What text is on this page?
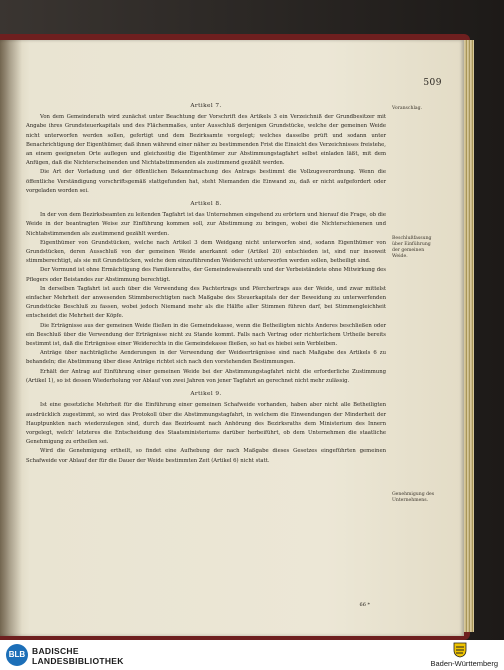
509
Artikel 7.

Von dem Gemeinderath wird zunächst unter Beachtung der Vorschrift des Artikels 3 ein Verzeichniß der Grundbesitzer mit Angabe ihres Grundsteuerkapitals und des Flächenmaßes, unter Ausschluß derjenigen Grundstücke, welche der gemeinen Weide nicht unterworfen werden sollen, gefertigt und dem Bezirksamte vorgelegt; welches dasselbe prüft und sodann unter Benachrichtigung der Eigenthümer, daß ihnen während einer näher zu bestimmenden Frist die Einsicht des Verzeichnisses freistehe, an einem geeigneten Orte auflegen und gleichzeitig die Eigenthümer zur Abstimmungstagfahrt selbst einladen läßt, mit dem Anfügen, daß die Nichterscheinenden und Nichtabstimmenden als zustimmend gezählt werden.

Die Art der Vorladung und der öffentlichen Bekanntmachung des Antrags bestimmt die Vollzugsverordnung. Wenn die öffentliche Verständigung vorschriftsgemäß stattgefunden hat, steht Niemanden die Einwand zu, daß er nicht aufgefordert oder vorgeladen worden sei.

Artikel 8.

In der von dem Bezirksbeamten zu leitenden Tagfahrt ist das Unternehmen eingehend zu erörtern und hierauf die Frage, ob die Weide in der beantragten Weise zur Einführung kommen soll, zur Abstimmung zu bringen, wobei die Nichterschienenen und Nichtabstimmenden als zustimmend gezählt werden.

Eigenthümer von Grundstücken, welche nach Artikel 3 dem Weidgang nicht unterworfen sind, sodann Eigenthümer von Grundstücken, deren Ausschluß von der gemeinen Weide anerkannt oder (Artikel 20) entschieden ist, sind nur insoweit stimmberechtigt, als sie mit Grundstücken, welche dem einzuführenden Weiderecht unterworfen werden sollen, betheiligt sind.

Der Vormund ist ohne Ermächtigung des Familienraths, der Gemeindewaisenrath und der Verbeiständete ohne Mitwirkung des Pflegers oder Beistandes zur Abstimmung berechtigt.

In derselben Tagfahrt ist auch über die Verwendung des Pachtertrags und Pferchertrags aus der Weide, und zwar mittelst einfacher Mehrheit der anwesenden Stimmberechtigten nach Maßgabe des Steuerkapitals der der Beweidung zu unterwerfenden Grundstücke Beschluß zu fassen, wobei jedoch Niemand mehr als die Hälfte aller Stimmen führen darf, bei Stimmengleichheit entscheidet die Mehrheit der Köpfe.

Die Erträgnisse aus der gemeinen Weide fließen in die Gemeindekasse, wenn die Betheiligten nichts Anderes beschließen oder ein Beschluß über die Verwendung der Erträgnisse nicht zu Stande kommt. Falls nach Vertrag oder richterlichem Urtheile bereits bestimmt ist, daß die Erträgnisse einer Weiderechts in die Gemeindekasse fließen, so hat es hiebei sein Verbleiben.

Anträge über nachträgliche Aenderungen in der Verwendung der Weideerträgnisse sind nach Maßgabe des Artikels 6 zu behandeln; die Abstimmung über diese Anträge richtet sich nach den vorstehenden Bestimmungen.

Erhält der Antrag auf Einführung einer gemeinen Weide bei der Abstimmungstagfahrt nicht die erforderliche Zustimmung (Artikel 1), so ist dessen Wiederholung vor Ablauf von zwei Jahren von jener Tagfahrt an gerechnet nicht mehr zulässig.

Artikel 9.

Ist eine gesetzliche Mehrheit für die Einführung einer gemeinen Schafweide vorhanden, haben aber nicht alle Betheiligten ausdrücklich zugestimmt, so wird das Protokoll über die Abstimmungstagfahrt, in welchem die Einwendungen der Minderheit der Hauptpunkten nach wiederzulegen sind, durch das Bezirksamt nach Anhörung des Bezirksraths dem Ministerium des Innern vorgelegt, welch' letzteres die Entscheidung des Staatsministeriums darüber herbeiführt, ob dem Unternehmen die staatliche Genehmigung zu ertheilen sei.

Wird die Genehmigung ertheilt, so findet eine Aufhebung der nach Maßgabe dieses Gesetzes eingeführten gemeinen Schafweide vor Ablauf der für die Dauer der Weide bestimmten Zeit (Artikel 6) nicht statt.

Voranschlag.
Beschlußfassung über Einführung der gemeinen Weide.
Genehmigung des Unternehmens.
66 *
BLB BADISCHE
LANDESBIBLIOTHEK	Baden-Württemberg
